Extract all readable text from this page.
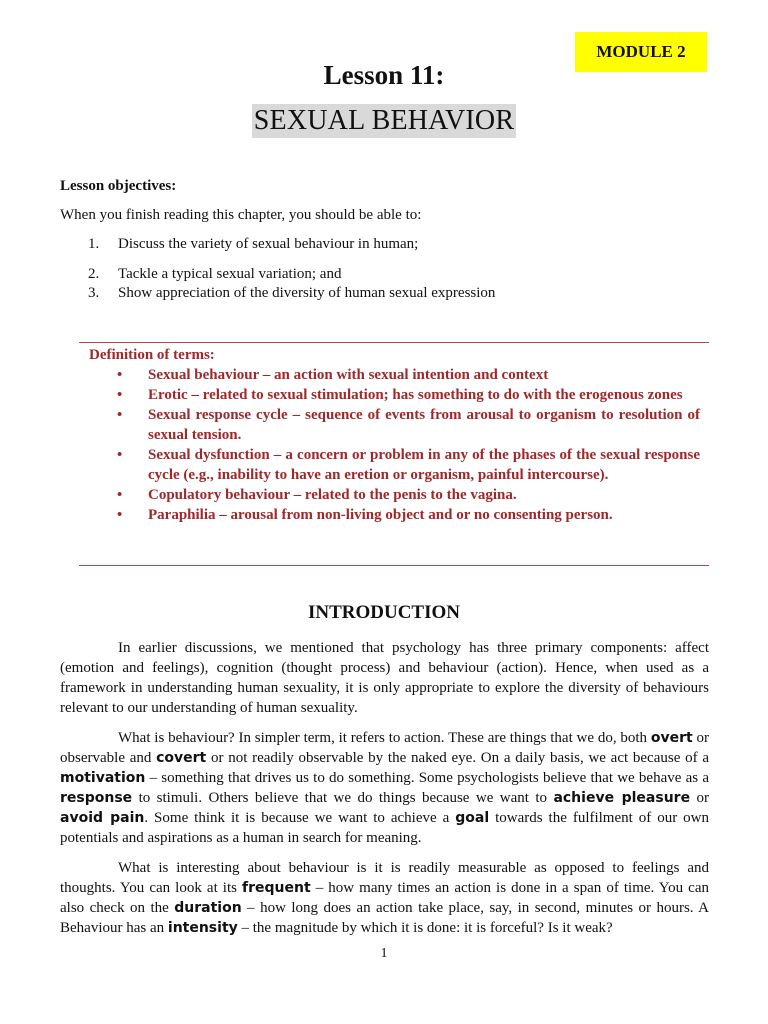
MODULE 2
Lesson 11:
SEXUAL BEHAVIOR
Lesson objectives:
When you finish reading this chapter, you should be able to:
1. Discuss the variety of sexual behaviour in human;
2. Tackle a typical sexual variation; and
3. Show appreciation of the diversity of human sexual expression
Definition of terms:
• Sexual behaviour – an action with sexual intention and context
• Erotic – related to sexual stimulation; has something to do with the erogenous zones
• Sexual response cycle – sequence of events from arousal to organism to resolution of sexual tension.
• Sexual dysfunction – a concern or problem in any of the phases of the sexual response cycle (e.g., inability to have an eretion or organism, painful intercourse).
• Copulatory behaviour – related to the penis to the vagina.
• Paraphilia – arousal from non-living object and or no consenting person.
INTRODUCTION

In earlier discussions, we mentioned that psychology has three primary components: affect (emotion and feelings), cognition (thought process) and behaviour (action). Hence, when used as a framework in understanding human sexuality, it is only appropriate to explore the diversity of behaviours relevant to our understanding of human sexuality.

What is behaviour? In simpler term, it refers to action. These are things that we do, both overt or observable and covert or not readily observable by the naked eye. On a daily basis, we act because of a motivation – something that drives us to do something. Some psychologists believe that we behave as a response to stimuli. Others believe that we do things because we want to achieve pleasure or avoid pain. Some think it is because we want to achieve a goal towards the fulfilment of our own potentials and aspirations as a human in search for meaning.

What is interesting about behaviour is it is readily measurable as opposed to feelings and thoughts. You can look at its frequent – how many times an action is done in a span of time. You can also check on the duration – how long does an action take place, say, in second, minutes or hours. A Behaviour has an intensity – the magnitude by which it is done: it is forceful? Is it weak?

1
